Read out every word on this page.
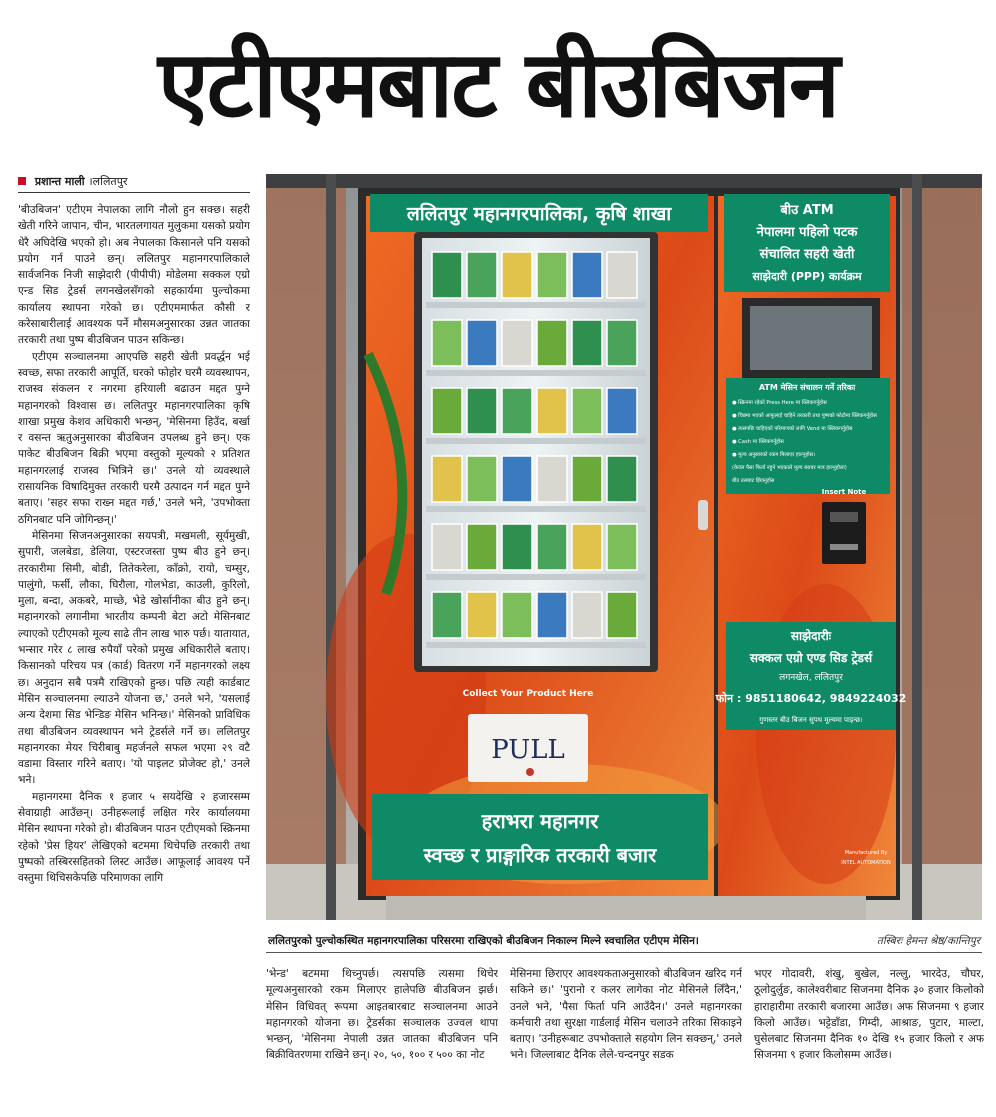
एटीएमबाट बीउबिजन
प्रशान्त माली ।ललितपुर

'बीउबिजन' एटीएम नेपालका लागि नौलो हुन सक्छ। सहरी खेती गरिने जापान, चीन, भारतलगायत मुलुकमा यसको प्रयोग धेरै अघिदेखि भएको हो। अब नेपालका किसानले पनि यसको प्रयोग गर्न पाउने छन्। ललितपुर महानगरपालिकाले सार्वजनिक निजी साझेदारी (पीपीपी) मोडेलमा सक्कल एग्रो एन्ड सिड ट्रेडर्स लगनखेलसँगको सहकार्यमा पुल्चोकमा कार्यालय स्थापना गरेको छ। एटीएममार्फत कौसी र करेसाबारीलाई आवश्यक पर्ने मौसमअनुसारका उन्नत जातका तरकारी तथा पुष्प बीउबिजन पाउन सकिन्छ।

एटीएम सञ्चालनमा आएपछि सहरी खेती प्रवर्द्धन भई स्वच्छ, सफा तरकारी आपूर्ति, घरको फोहोर घरमै व्यवस्थापन, राजस्व संकलन र नगरमा हरियाली बढाउन मद्दत पुग्ने महानगरको विश्वास छ। ललितपुर महानगरपालिका कृषि शाखा प्रमुख केशव अधिकारी भन्छन्, 'मेसिनमा हिउँद, बर्खा र वसन्त ऋतुअनुसारका बीउबिजन उपलब्ध हुने छन्। एक पाकेट बीउबिजन बिक्री भएमा वस्तुको मूल्यको २ प्रतिशत महानगरलाई राजस्व भित्रिने छ।' उनले यो व्यवस्थाले रासायनिक विषादिमुक्त तरकारी घरमै उत्पादन गर्न मद्दत पुग्ने बताए। 'सहर सफा राख्न मद्दत गर्छ,' उनले भने, 'उपभोक्ता ठगिनबाट पनि जोगिन्छन्।'

मेसिनमा सिजनअनुसारका सयपत्री, मखमली, सूर्यमुखी, सुपारी, जलबेडा, डेलिया, एस्टरजस्ता पुष्प बीउ हुने छन्। तरकारीमा सिमी, बोडी, तितेकरेला, काँक्रो, रायो, चम्सुर, पालुंगो, फर्सी, लौका, घिरौला, गोलभेडा, काउली, कुरिलो, मुला, बन्दा, अकबरे, माच्छे, भेडे खोर्सानीका बीउ हुने छन्। महानगरको लगानीमा भारतीय कम्पनी बेटा अटो मेसिनबाट ल्याएको एटीएमको मूल्य साढे तीन लाख भारु पर्छ। यातायात, भन्सार गरेर ८ लाख रुपैयाँ परेको प्रमुख अधिकारीले बताए। किसानको परिचय पत्र (कार्ड) वितरण गर्ने महानगरको लक्ष्य छ। अनुदान सबै पत्रमै राखिएको हुन्छ। पछि त्यही कार्डबाट मेसिन सञ्चालनमा ल्याउने योजना छ,' उनले भने, 'यसलाई अन्य देशमा सिड भेन्डिङ मेसिन भनिन्छ।' मेसिनको प्राविधिक तथा बीउबिजन व्यवस्थापन भने ट्रेडर्सले गर्ने छ। ललितपुर महानगरका मेयर चिरीबाबु महर्जनले सफल भएमा २९ वटै वडामा विस्तार गरिने बताए। 'यो पाइलट प्रोजेक्ट हो,' उनले भने।

महानगरमा दैनिक १ हजार ५ सयदेखि २ हजारसम्म सेवाग्राही आउँछन्। उनीहरूलाई लक्षित गरेर कार्यालयमा मेसिन स्थापना गरेको हो। बीउबिजन पाउन एटीएमको स्क्रिनमा रहेको 'प्रेस हियर' लेखिएको बटममा थिचेपछि तरकारी तथा पुष्पको तस्बिरसहितको लिस्ट आउँछ। आफूलाई आवश्य पर्ने वस्तुमा थिचिसकेपछि परिमाणका लागि

ललितपुर महानगरपालिका, कृषि शाखा
Collect Your Product Here
PULL
हराभरा महानगर
स्वच्छ र प्राङ्गारिक तरकारी बजार
बीउ ATM
नेपालमा पहिलो पटक
संचालित सहरी खेती
साझेदारी (PPP) कार्यक्रम
ATM मेसिन संचालन गर्ने तरिका
● स्क्रिनमा रहेको Press Here मा क्लिकगर्नुहोस
● चिन्नमा भएको आफूलाई चाहिने तरकारी तथा पुष्पको फोटोमा क्लिकगर्नुहोस
● त्यसपछि चाहिएको परिमाणको लागि Vend मा क्लिकगर्नुहोस
● Cash मा क्लिकगर्नुहोस
● मूल्य अनुसारको रकम मिलाएर हाल्नुहोस।
(केवल पैसा फिर्ता नहुने भएकाले मूल्य बराबर मात्र हाल्नुहोला)
बीउ तलबाट झिक्नुहोस
Insert Note
साझेदारीः
सक्कल एग्रो एण्ड सिड ट्रेडर्स
लगनखेल, ललितपुर
फोन : 9851180642, 9849224032
गुणस्तर बीउ बिजन सुपथ मूल्यमा पाइन्छ।
Manufactured By
INTEL AUTOMATION
ललितपुरको पुल्चोकस्थित महानगरपालिका परिसरमा राखिएको बीउबिजन निकाल्न मिल्ने स्वचालित एटीएम मेसिन।	तस्बिरः हेमन्त श्रेष्ठ/कान्तिपुर

'भेन्ड' बटममा थिच्नुपर्छ। त्यसपछि त्यसमा थिचेर मूल्यअनुसारको रकम मिलाएर हालेपछि बीउबिजन झर्छ। मेसिन विधिवत् रूपमा आइतबारबाट सञ्चालनमा आउने महानगरको योजना छ। ट्रेडर्सका सञ्चालक उज्वल थापा भन्छन्, 'मेसिनमा नेपाली उन्नत जातका बीउबिजन पनि बिक्रीवितरणमा राखिने छन्। २०, ५०, १०० र ५०० का नोट

मेसिनमा छिराएर आवश्यकताअनुसारको बीउबिजन खरिद गर्न सकिने छ।' 'पुरानो र कलर लागेका नोट मेसिनले लिँदैन,' उनले भने, 'पैसा फिर्ता पनि आउँदैन।' उनले महानगरका कर्मचारी तथा सुरक्षा गार्डलाई मेसिन चलाउने तरिका सिकाइने बताए। 'उनीहरूबाट उपभोक्ताले सहयोग लिन सक्छन्,' उनले भने। जिल्लाबाट दैनिक लेले-चन्दनपुर सडक

भएर गोदावरी, शंखु, बुखेल, नल्लु, भारदेउ, चौघर, ठूलोदुर्लुङ, कालेश्वरीबाट सिजनमा दैनिक ३० हजार किलोको हाराहारीमा तरकारी बजारमा आउँछ। अफ सिजनमा ९ हजार किलो आउँछ। भट्टेडाँडा, गिम्दी, आश्राङ, पुटार, माल्टा, घुसेलबाट सिजनमा दैनिक १० देखि १५ हजार किलो र अफ सिजनमा ९ हजार किलोसम्म आउँछ।
